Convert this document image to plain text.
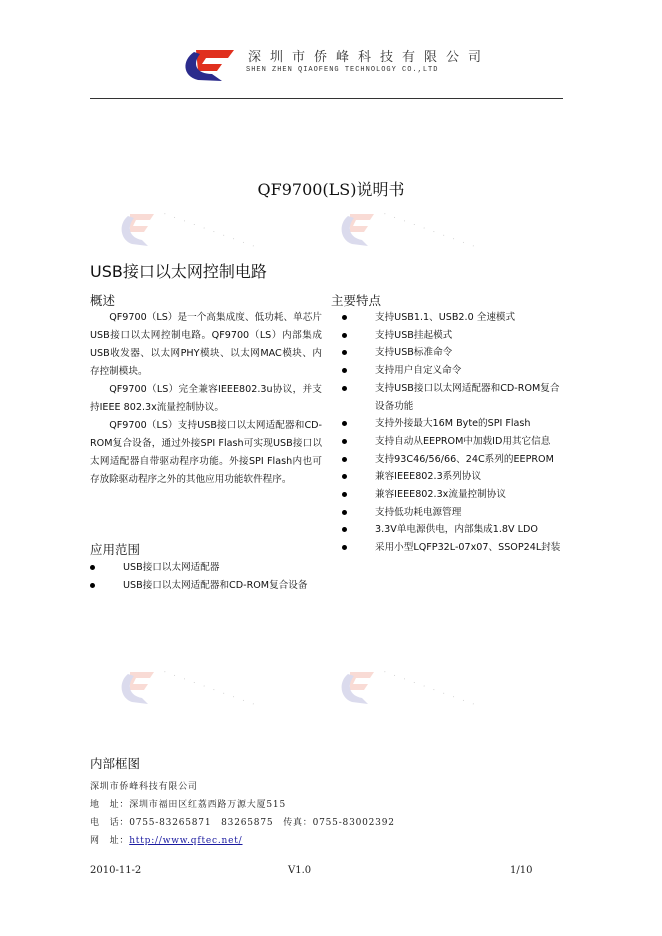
深圳市侨峰科技有限公司
SHEN ZHEN QIAOFENG TECHNOLOGY CO.,LTD
· · · · · · · · · ·	· · · · · · · · · ·
· · · · · · · · · ·	· · · · · · · · · ·
QF9700(LS)说明书
USB接口以太网控制电路
概述

QF9700（LS）是一个高集成度、低功耗、单芯片USB接口以太网控制电路。QF9700（LS）内部集成USB收发器、以太网PHY模块、以太网MAC模块、内存控制模块。

QF9700（LS）完全兼容IEEE802.3u协议，并支持IEEE 802.3x流量控制协议。

QF9700（LS）支持USB接口以太网适配器和CD-ROM复合设备，通过外接SPI Flash可实现USB接口以太网适配器自带驱动程序功能。外接SPI Flash内也可存放除驱动程序之外的其他应用功能软件程序。

应用范围
USB接口以太网适配器
USB接口以太网适配器和CD-ROM复合设备
主要特点
支持USB1.1、USB2.0 全速模式
支持USB挂起模式
支持USB标准命令
支持用户自定义命令
支持USB接口以太网适配器和CD-ROM复合设备功能
支持外接最大16M Byte的SPI Flash
支持自动从EEPROM中加载ID用其它信息
支持93C46/56/66、24C系列的EEPROM
兼容IEEE802.3系列协议
兼容IEEE802.3x流量控制协议
支持低功耗电源管理
3.3V单电源供电，内部集成1.8V LDO
采用小型LQFP32L-07x07、SSOP24L封装
内部框图
深圳市侨峰科技有限公司
地　址：深圳市福田区红荔西路万源大厦515
电　话：0755-83265871　83265875　 传真：0755-83002392
网　址：http://www.qftec.net/
2010-11-2	V1.0	1/10
